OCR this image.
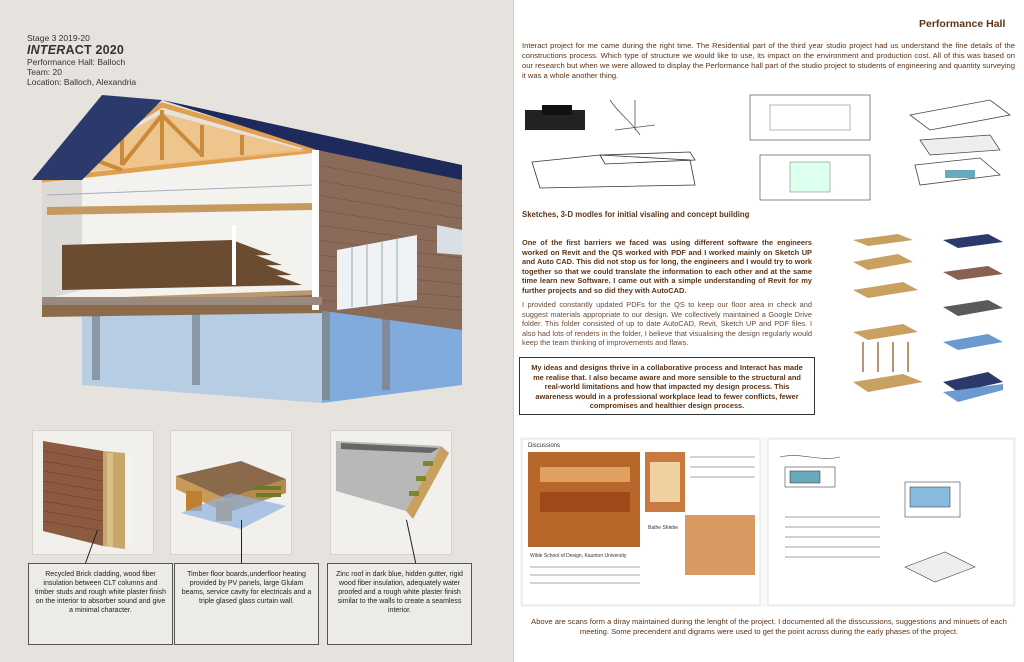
Stage 3 2019-20
INTERACT 2020
Performance Hall: Balloch
Team: 20
Location: Balloch, Alexandria
Recycled Brick cladding, wood fiber insulation between CLT columns and timber studs and rough white plaster finish on the interior to absorber sound and give a minimal character.
Timber floor boards,underfloor heating provided by PV panels, large Glulam beams, service cavity for electricals and a triple glased glass curtain wall.
Zinc roof in dark blue, hidden gutter, rigid wood fiber insulation, adequately water proofed and a rough white plaster finish similar to the walls to create a seamless interior.
Performance Hall
Interact project for me came during the right time. The Residential part of the third year studio project had us understand the fine details of the constructions process. Which type of structure we would like to use, its impact on the environment and production cost. All of this was based on our research but when we were allowed to display the Performance hall part of the studio project to students of engineering and quantity surveying it was a whole another thing.
Sketches, 3-D modles for initial visaling and concept building
One of the first barriers we faced was using different software the engineers worked on Revit and the QS worked with PDF and I worked mainly on Sketch UP and Auto CAD. This did not stop us for long, the engineers and I would try to work together so that we could translate the information to each other and at the same time learn new Software. I came out with a simple understanding of Revit for my further projects and so did they with AutoCAD.
I provided constantly updated PDFs for the QS to keep our floor area in check and suggest materials appropriate to our design. We collectively maintained a Google Drive folder. This folder consisted of up to date AutoCAD, Revit, Sketch UP and PDF files. I also had lots of renders in the folder, I believe that visualising the design regularly would keep the team thinking of improvements and flaws.
My ideas and designs thrive in a collaborative process and Interact has made me realise that. I also became aware and more sensible to the structural and real-world limitations and how that impacted my design process. This awareness would in a professional workplace lead to fewer conflicts, fewer compromises and healthier design process.
Discussions
Wilde School of Design, Kaunton University
Bathe Shlebe
Above are scans form a diray maintained during the lenght of the project. I documented all the disscussions, suggestions and minuets of each meeting. Some precendent and digrams were used to get the point across during the early phases of the project.
